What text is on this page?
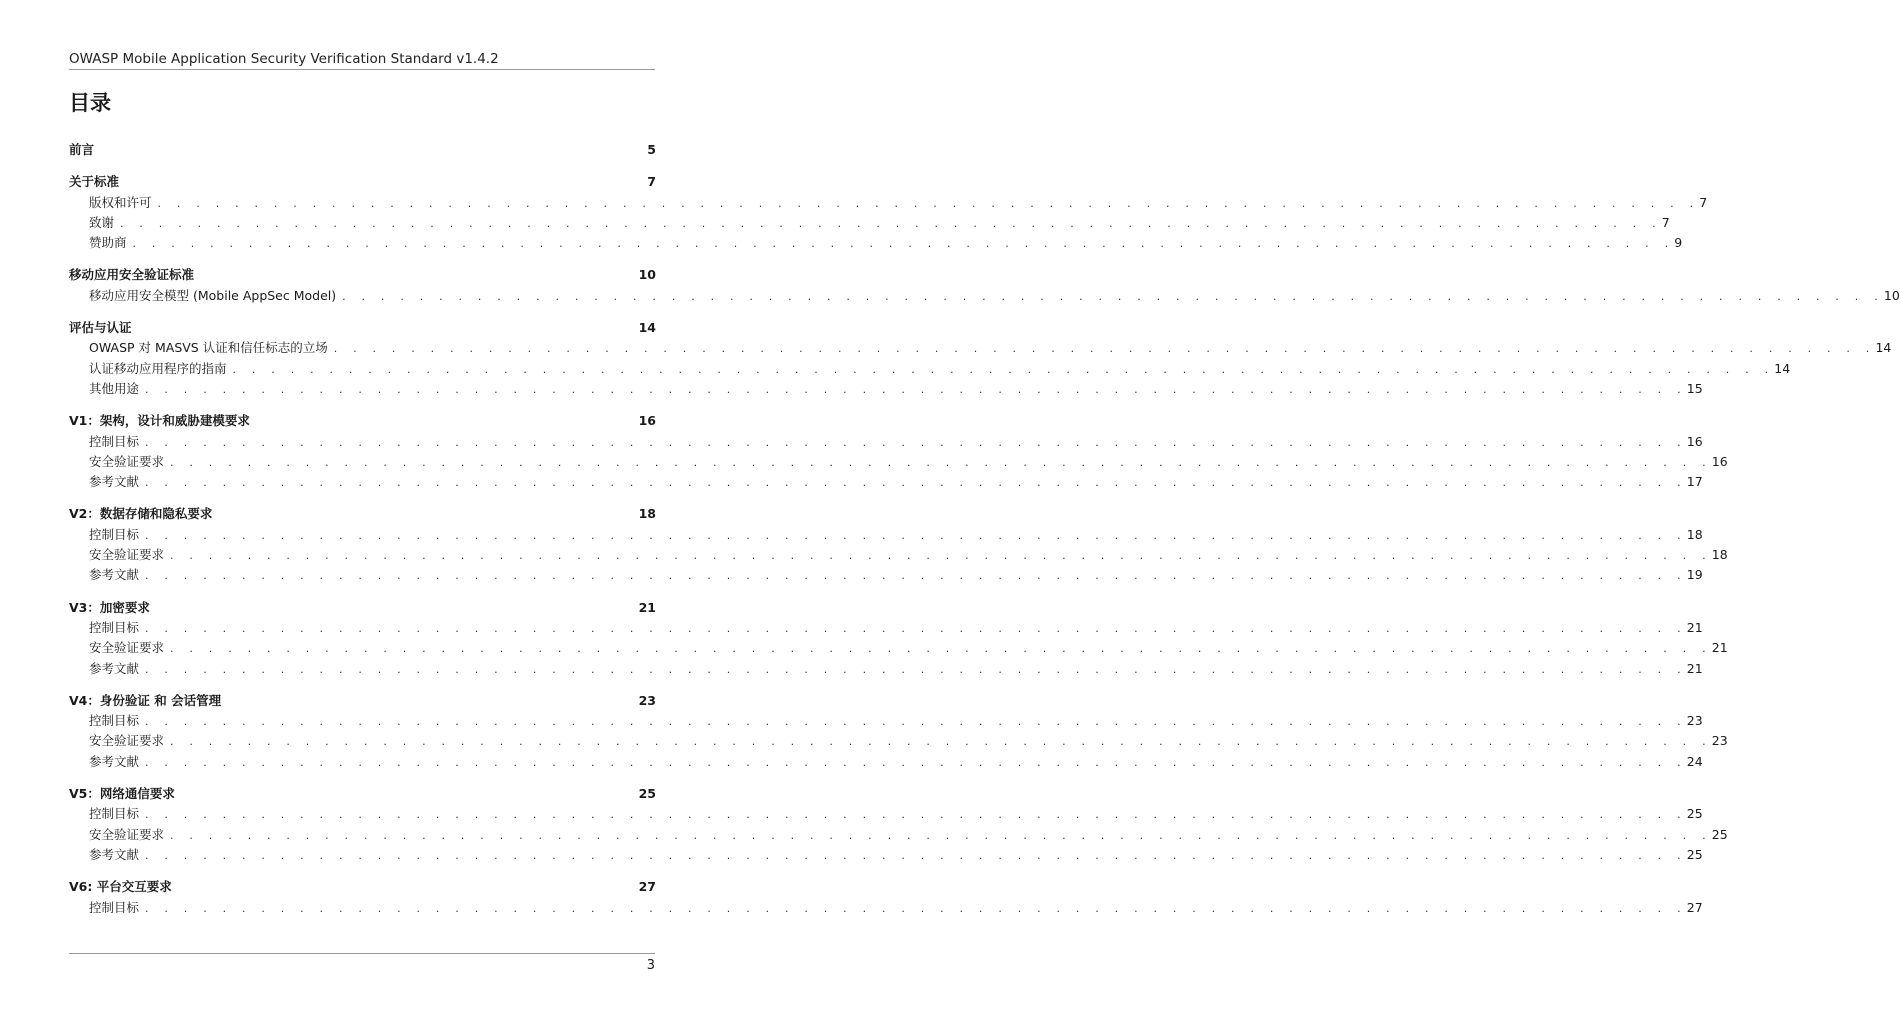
OWASP Mobile Application Security Verification Standard v1.4.2
目录
前言	5
关于标准	7
版权和许可 . . . . . . . . . . . . . . . . . . . . . . . . . . . . . . . . . . . . . . . . . . . . . . . . . . . . . . . . . . . . . . . . . . . . . . . . . . . . . . . . 7
致谢 . . . . . . . . . . . . . . . . . . . . . . . . . . . . . . . . . . . . . . . . . . . . . . . . . . . . . . . . . . . . . . . . . . . . . . . . . . . . . . . . 7
赞助商 . . . . . . . . . . . . . . . . . . . . . . . . . . . . . . . . . . . . . . . . . . . . . . . . . . . . . . . . . . . . . . . . . . . . . . . . . . . . . . . . 9
移动应用安全验证标准	10
移动应用安全模型 (Mobile AppSec Model) . . . . . . . . . . . . . . . . . . . . . . . . . . . . . . . . . . . . . . . . . . . . . . . . . . . . . . . . . . . . . . . . . . . . . . . . . . . . . . . . 10
评估与认证	14
OWASP 对 MASVS 认证和信任标志的立场 . . . . . . . . . . . . . . . . . . . . . . . . . . . . . . . . . . . . . . . . . . . . . . . . . . . . . . . . . . . . . . . . . . . . . . . . . . . . . . . . 14
认证移动应用程序的指南 . . . . . . . . . . . . . . . . . . . . . . . . . . . . . . . . . . . . . . . . . . . . . . . . . . . . . . . . . . . . . . . . . . . . . . . . . . . . . . . . 14
其他用途 . . . . . . . . . . . . . . . . . . . . . . . . . . . . . . . . . . . . . . . . . . . . . . . . . . . . . . . . . . . . . . . . . . . . . . . . . . . . . . . . 15
V1：架构，设计和威胁建模要求	16
控制目标 . . . . . . . . . . . . . . . . . . . . . . . . . . . . . . . . . . . . . . . . . . . . . . . . . . . . . . . . . . . . . . . . . . . . . . . . . . . . . . . . 16
安全验证要求 . . . . . . . . . . . . . . . . . . . . . . . . . . . . . . . . . . . . . . . . . . . . . . . . . . . . . . . . . . . . . . . . . . . . . . . . . . . . . . . . 16
参考文献 . . . . . . . . . . . . . . . . . . . . . . . . . . . . . . . . . . . . . . . . . . . . . . . . . . . . . . . . . . . . . . . . . . . . . . . . . . . . . . . . 17
V2：数据存储和隐私要求	18
控制目标 . . . . . . . . . . . . . . . . . . . . . . . . . . . . . . . . . . . . . . . . . . . . . . . . . . . . . . . . . . . . . . . . . . . . . . . . . . . . . . . . 18
安全验证要求 . . . . . . . . . . . . . . . . . . . . . . . . . . . . . . . . . . . . . . . . . . . . . . . . . . . . . . . . . . . . . . . . . . . . . . . . . . . . . . . . 18
参考文献 . . . . . . . . . . . . . . . . . . . . . . . . . . . . . . . . . . . . . . . . . . . . . . . . . . . . . . . . . . . . . . . . . . . . . . . . . . . . . . . . 19
V3：加密要求	21
控制目标 . . . . . . . . . . . . . . . . . . . . . . . . . . . . . . . . . . . . . . . . . . . . . . . . . . . . . . . . . . . . . . . . . . . . . . . . . . . . . . . . 21
安全验证要求 . . . . . . . . . . . . . . . . . . . . . . . . . . . . . . . . . . . . . . . . . . . . . . . . . . . . . . . . . . . . . . . . . . . . . . . . . . . . . . . . 21
参考文献 . . . . . . . . . . . . . . . . . . . . . . . . . . . . . . . . . . . . . . . . . . . . . . . . . . . . . . . . . . . . . . . . . . . . . . . . . . . . . . . . 21
V4：身份验证 和 会话管理	23
控制目标 . . . . . . . . . . . . . . . . . . . . . . . . . . . . . . . . . . . . . . . . . . . . . . . . . . . . . . . . . . . . . . . . . . . . . . . . . . . . . . . . 23
安全验证要求 . . . . . . . . . . . . . . . . . . . . . . . . . . . . . . . . . . . . . . . . . . . . . . . . . . . . . . . . . . . . . . . . . . . . . . . . . . . . . . . . 23
参考文献 . . . . . . . . . . . . . . . . . . . . . . . . . . . . . . . . . . . . . . . . . . . . . . . . . . . . . . . . . . . . . . . . . . . . . . . . . . . . . . . . 24
V5：网络通信要求	25
控制目标 . . . . . . . . . . . . . . . . . . . . . . . . . . . . . . . . . . . . . . . . . . . . . . . . . . . . . . . . . . . . . . . . . . . . . . . . . . . . . . . . 25
安全验证要求 . . . . . . . . . . . . . . . . . . . . . . . . . . . . . . . . . . . . . . . . . . . . . . . . . . . . . . . . . . . . . . . . . . . . . . . . . . . . . . . . 25
参考文献 . . . . . . . . . . . . . . . . . . . . . . . . . . . . . . . . . . . . . . . . . . . . . . . . . . . . . . . . . . . . . . . . . . . . . . . . . . . . . . . . 25
V6: 平台交互要求	27
控制目标 . . . . . . . . . . . . . . . . . . . . . . . . . . . . . . . . . . . . . . . . . . . . . . . . . . . . . . . . . . . . . . . . . . . . . . . . . . . . . . . . 27
3
